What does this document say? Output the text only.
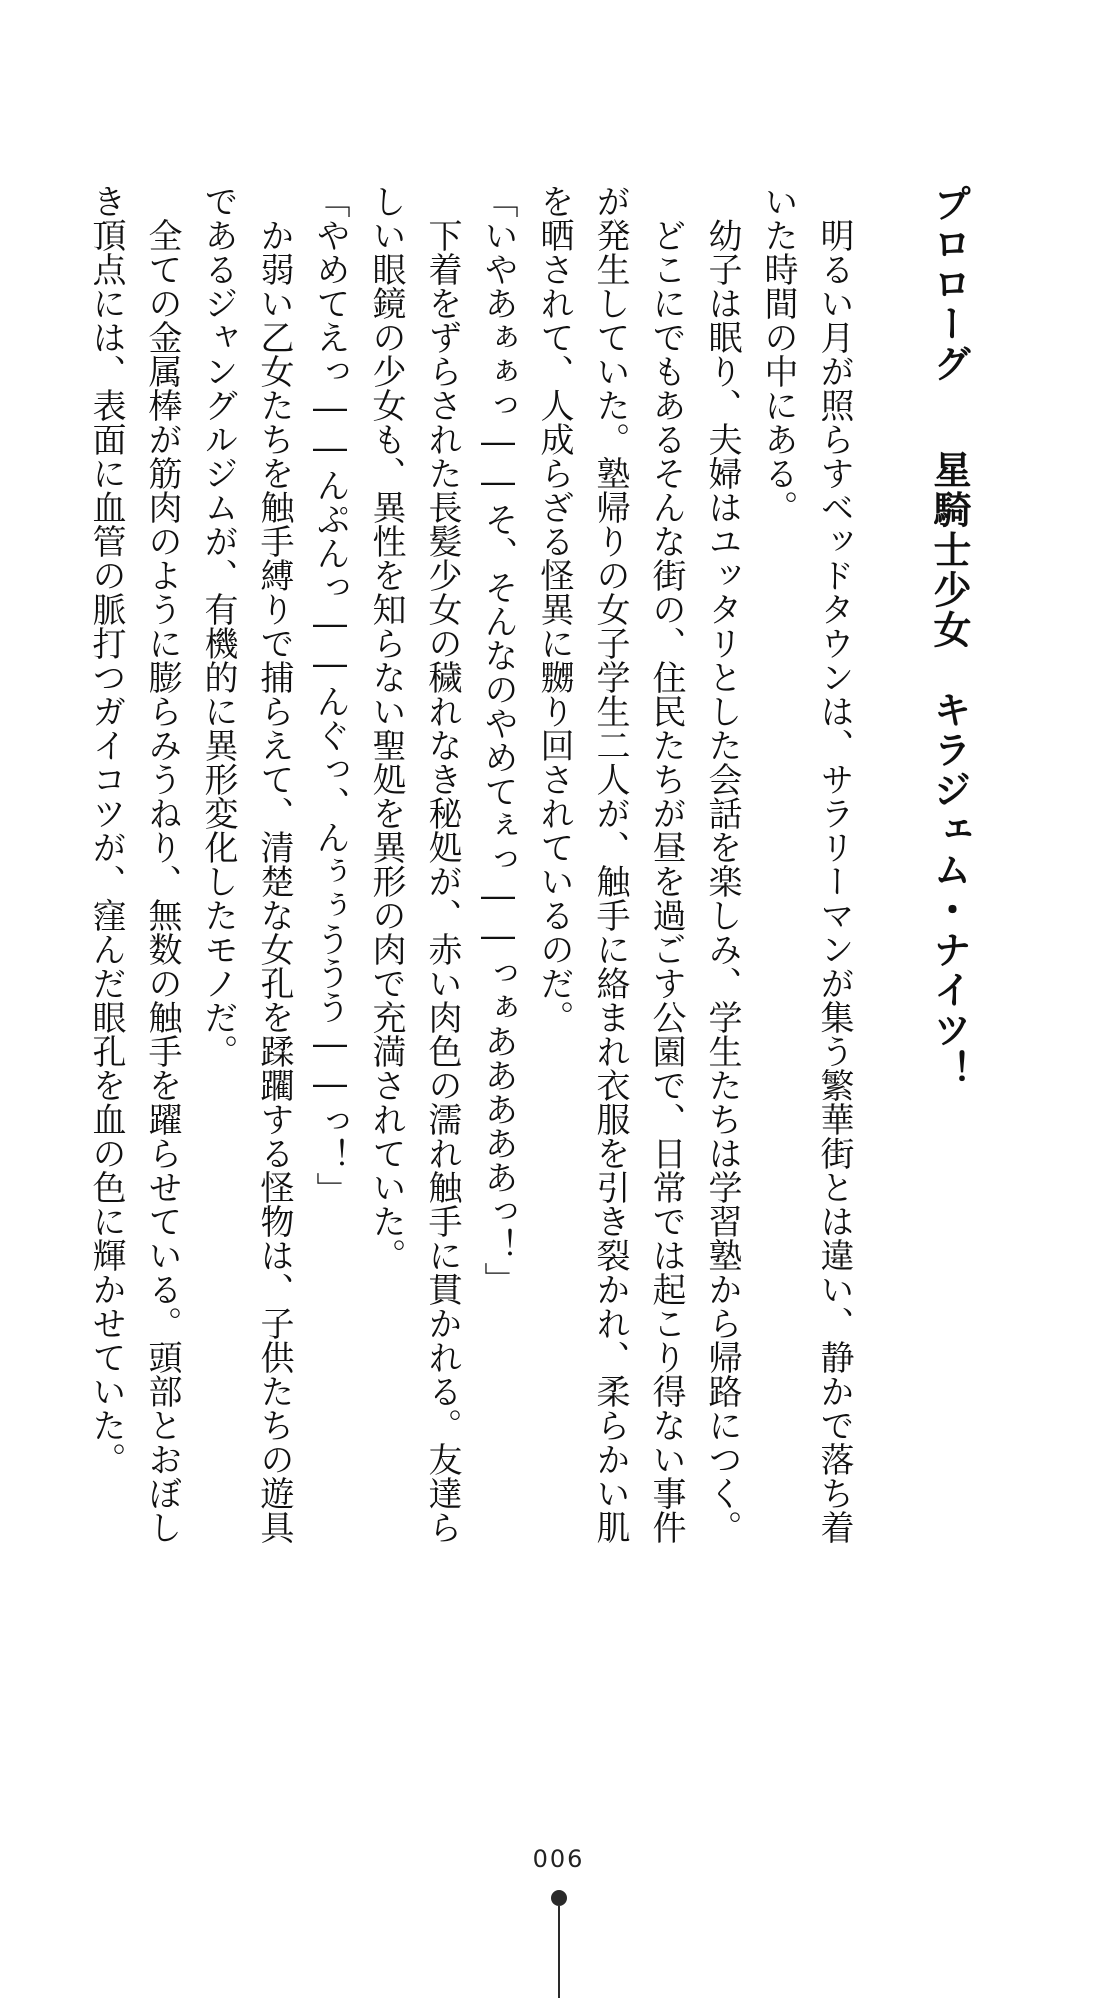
プロローグ星騎士少女　キラジェム・ナイツ！
　明るい月が照らすベッドタウンは、サラリーマンが集う繁華街とは違い、静かで落ち着
いた時間の中にある。
　幼子は眠り、夫婦はユッタリとした会話を楽しみ、学生たちは学習塾から帰路につく。
　どこにでもあるそんな街の、住民たちが昼を過ごす公園で、日常では起こり得ない事件
が発生していた。塾帰りの女子学生二人が、触手に絡まれ衣服を引き裂かれ、柔らかい肌
を晒されて、人成らざる怪異に嬲り回されているのだ。
「いやあぁぁっ――そ、そんなのやめてぇっ――っぁあああああっ！」
　下着をずらされた長髪少女の穢れなき秘処が、赤い肉色の濡れ触手に貫かれる。友達ら
しい眼鏡の少女も、異性を知らない聖処を異形の肉で充満されていた。
「やめてえっ――んぷんっ――んぐっ、んぅぅううう――っ！」
　か弱い乙女たちを触手縛りで捕らえて、清楚な女孔を蹂躙する怪物は、子供たちの遊具
であるジャングルジムが、有機的に異形変化したモノだ。
　全ての金属棒が筋肉のように膨らみうねり、無数の触手を躍らせている。頭部とおぼし
き頂点には、表面に血管の脈打つガイコツが、窪んだ眼孔を血の色に輝かせていた。
006
